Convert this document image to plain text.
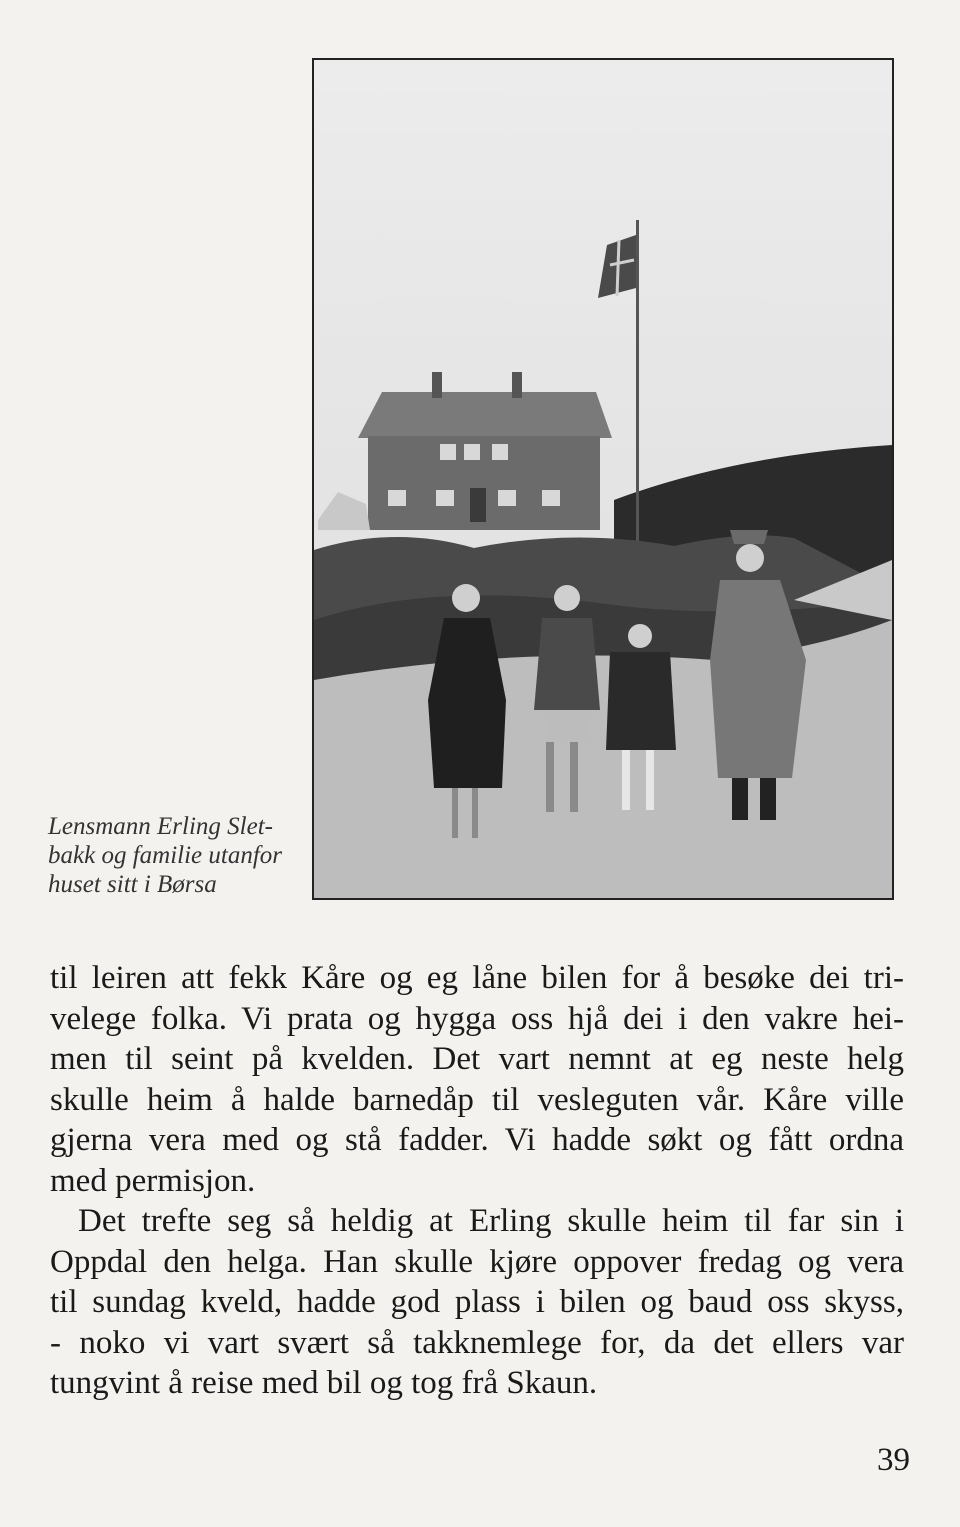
Lensmann Erling Slet-
bakk og familie utanfor
huset sitt i Børsa
til leiren att fekk Kåre og eg låne bilen for å besøke dei tri-
velege folka. Vi prata og hygga oss hjå dei i den vakre hei-
men til seint på kvelden. Det vart nemnt at eg neste helg
skulle heim å halde barnedåp til vesleguten vår. Kåre ville
gjerna vera med og stå fadder. Vi hadde søkt og fått ordna
med permisjon.
Det trefte seg så heldig at Erling skulle heim til far sin i
Oppdal den helga. Han skulle kjøre oppover fredag og vera
til sundag kveld, hadde god plass i bilen og baud oss skyss,
- noko vi vart svært så takknemlege for, da det ellers var
tungvint å reise med bil og tog frå Skaun.
39
